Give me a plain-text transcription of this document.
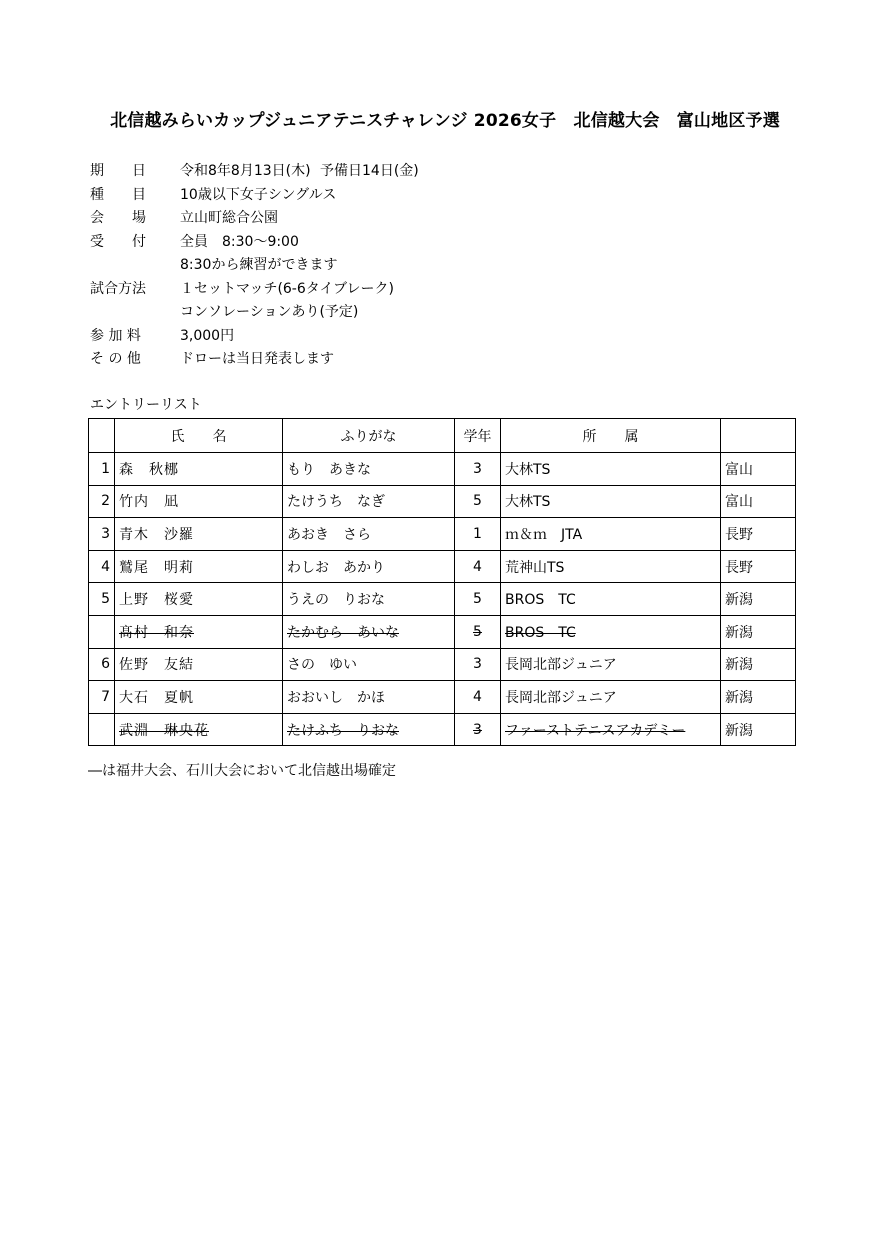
北信越みらいカップジュニアテニスチャレンジ 2026女子　北信越大会　富山地区予選
期　　日	令和8年8月13日(木) 予備日14日(金)
種　　目	10歳以下女子シングルス
会　　場	立山町総合公園
受　　付	全員　8:30～9:00
8:30から練習ができます
試合方法	１セットマッチ(6-6タイブレーク)
コンソレーションあり(予定)
参 加 料	3,000円
そ の 他	ドローは当日発表します
エントリーリスト
	氏　　名	ふりがな	学年	所　　属	
1	森　秋梛	もり　あきな	3	大林TS	富山
2	竹内　凪	たけうち　なぎ	5	大林TS	富山
3	青木　沙羅	あおき　さら	1	ｍ＆ｍ　JTA	長野
4	鷲尾　明莉	わしお　あかり	4	荒神山TS	長野
5	上野　桜愛	うえの　りおな	5	BROS　TC	新潟
	髙村　和奈	たかむら　あいな	5	BROS　TC	新潟
6	佐野　友結	さの　ゆい	3	長岡北部ジュニア	新潟
7	大石　夏帆	おおいし　かほ	4	長岡北部ジュニア	新潟
	武淵　琳央花	たけふち　りおな	3	ファーストテニスアカデミー	新潟
―は福井大会、石川大会において北信越出場確定
